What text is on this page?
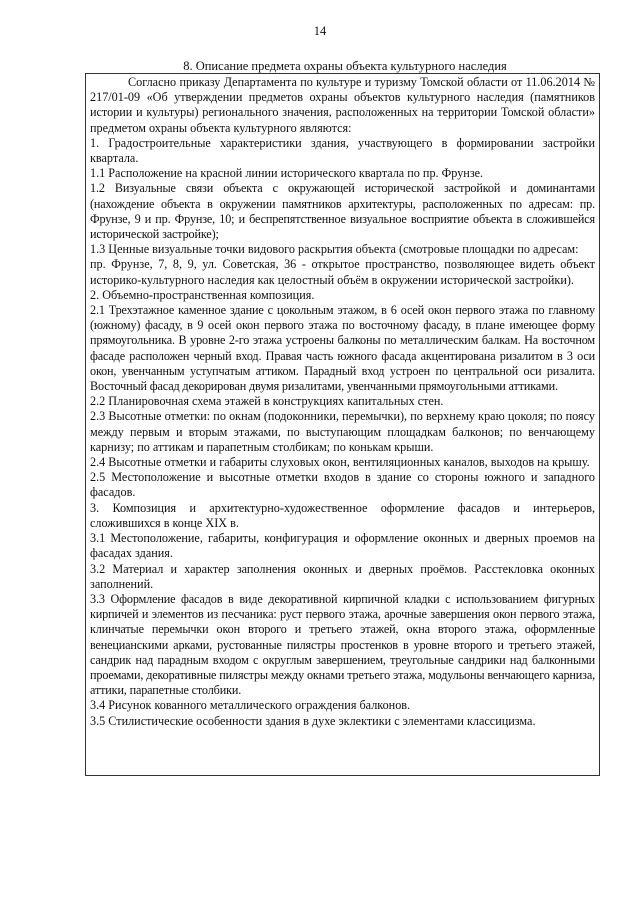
14
8. Описание предмета охраны объекта культурного наследия

Согласно приказу Департамента по культуре и туризму Томской области от 11.06.2014 № 217/01-09 «Об утверждении предметов охраны объектов культурного наследия (памятников истории и культуры) регионального значения, расположенных на территории Томской области» предметом охраны объекта культурного являются:

1. Градостроительные характеристики здания, участвующего в формировании застройки квартала.

1.1 Расположение на красной линии исторического квартала по пр. Фрунзе.

1.2 Визуальные связи объекта с окружающей исторической застройкой и доминантами (нахождение объекта в окружении памятников архитектуры, расположенных по адресам: пр. Фрунзе, 9 и пр. Фрунзе, 10; и беспрепятственное визуальное восприятие объекта в сложившейся исторической застройке);

1.3 Ценные визуальные точки видового раскрытия объекта (смотровые площадки по адресам:

пр. Фрунзе, 7, 8, 9, ул. Советская, 36 - открытое пространство, позволяющее видеть объект историко-культурного наследия как целостный объём в окружении исторической застройки).

2. Объемно-пространственная композиция.

2.1 Трехэтажное каменное здание с цокольным этажом, в 6 осей окон первого этажа по главному (южному) фасаду, в 9 осей окон первого этажа по восточному фасаду, в плане имеющее форму прямоугольника. В уровне 2-го этажа устроены балконы по металлическим балкам. На восточном фасаде расположен черный вход. Правая часть южного фасада акцентирована ризалитом в 3 оси окон, увенчанным уступчатым аттиком. Парадный вход устроен по центральной оси ризалита. Восточный фасад декорирован двумя ризалитами, увенчанными прямоугольными аттиками.

2.2 Планировочная схема этажей в конструкциях капитальных стен.

2.3 Высотные отметки: по окнам (подоконники, перемычки), по верхнему краю цоколя; по поясу между первым и вторым этажами, по выступающим площадкам балконов; по венчающему карнизу; по аттикам и парапетным столбикам; по конькам крыши.

2.4 Высотные отметки и габариты слуховых окон, вентиляционных каналов, выходов на крышу.

2.5 Местоположение и высотные отметки входов в здание со стороны южного и западного фасадов.

3. Композиция и архитектурно-художественное оформление фасадов и интерьеров, сложившихся в конце XIX в.

3.1 Местоположение, габариты, конфигурация и оформление оконных и дверных проемов на фасадах здания.

3.2 Материал и характер заполнения оконных и дверных проёмов. Расстекловка оконных заполнений.

3.3 Оформление фасадов в виде декоративной кирпичной кладки с использованием фигурных кирпичей и элементов из песчаника: руст первого этажа, арочные завершения окон первого этажа, клинчатые перемычки окон второго и третьего этажей, окна второго этажа, оформленные венецианскими арками, рустованные пилястры простенков в уровне второго и третьего этажей, сандрик над парадным входом с округлым завершением, треугольные сандрики над балконными проемами, декоративные пилястры между окнами третьего этажа, модульоны венчающего карниза, аттики, парапетные столбики.

3.4 Рисунок кованного металлического ограждения балконов.

3.5 Стилистические особенности здания в духе эклектики с элементами классицизма.
